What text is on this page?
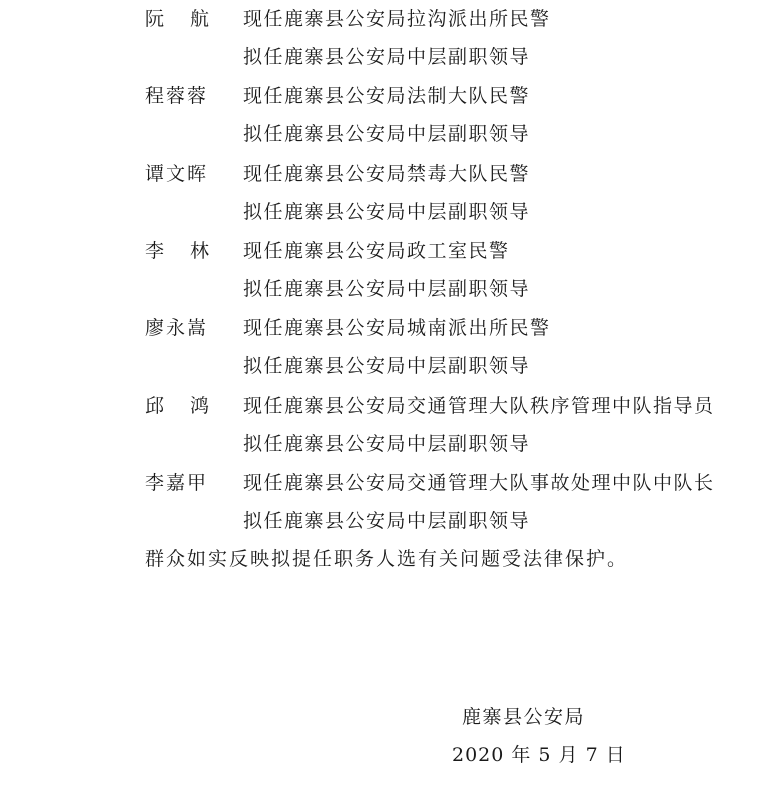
阮航 现任鹿寨县公安局拉沟派出所民警
拟任鹿寨县公安局中层副职领导
程蓉蓉	现任鹿寨县公安局法制大队民警
拟任鹿寨县公安局中层副职领导
谭文晖	现任鹿寨县公安局禁毒大队民警
拟任鹿寨县公安局中层副职领导
李林 现任鹿寨县公安局政工室民警
拟任鹿寨县公安局中层副职领导
廖永嵩	现任鹿寨县公安局城南派出所民警
拟任鹿寨县公安局中层副职领导
邱鸿 现任鹿寨县公安局交通管理大队秩序管理中队指导员
拟任鹿寨县公安局中层副职领导
李嘉甲	现任鹿寨县公安局交通管理大队事故处理中队中队长
拟任鹿寨县公安局中层副职领导
群众如实反映拟提任职务人选有关问题受法律保护。
鹿寨县公安局
2020 年 5 月 7 日
